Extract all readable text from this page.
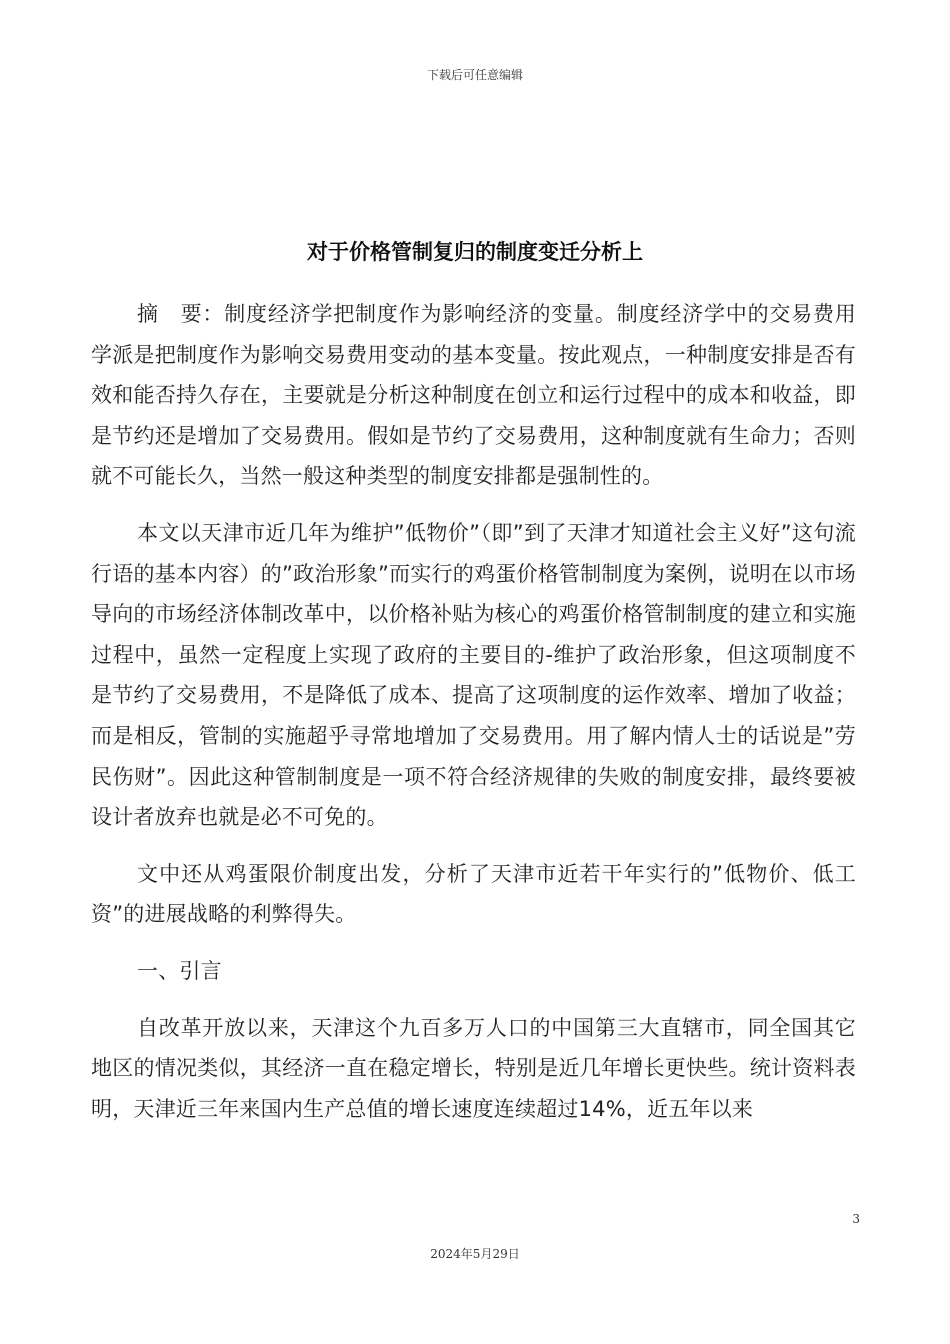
下载后可任意编辑
对于价格管制复归的制度变迁分析上

摘　要：制度经济学把制度作为影响经济的变量。制度经济学中的交易费用学派是把制度作为影响交易费用变动的基本变量。按此观点，一种制度安排是否有效和能否持久存在，主要就是分析这种制度在创立和运行过程中的成本和收益，即是节约还是增加了交易费用。假如是节约了交易费用，这种制度就有生命力；否则就不可能长久，当然一般这种类型的制度安排都是强制性的。

本文以天津市近几年为维护”低物价”（即”到了天津才知道社会主义好”这句流行语的基本内容）的”政治形象”而实行的鸡蛋价格管制制度为案例，说明在以市场导向的市场经济体制改革中，以价格补贴为核心的鸡蛋价格管制制度的建立和实施过程中，虽然一定程度上实现了政府的主要目的-维护了政治形象，但这项制度不是节约了交易费用，不是降低了成本、提高了这项制度的运作效率、增加了收益；而是相反，管制的实施超乎寻常地增加了交易费用。用了解内情人士的话说是”劳民伤财”。因此这种管制制度是一项不符合经济规律的失败的制度安排，最终要被设计者放弃也就是必不可免的。

文中还从鸡蛋限价制度出发，分析了天津市近若干年实行的”低物价、低工资”的进展战略的利弊得失。

一、引言

自改革开放以来，天津这个九百多万人口的中国第三大直辖市，同全国其它地区的情况类似，其经济一直在稳定增长，特别是近几年增长更快些。统计资料表明，天津近三年来国内生产总值的增长速度连续超过14%，近五年以来

3
2024年5月29日
